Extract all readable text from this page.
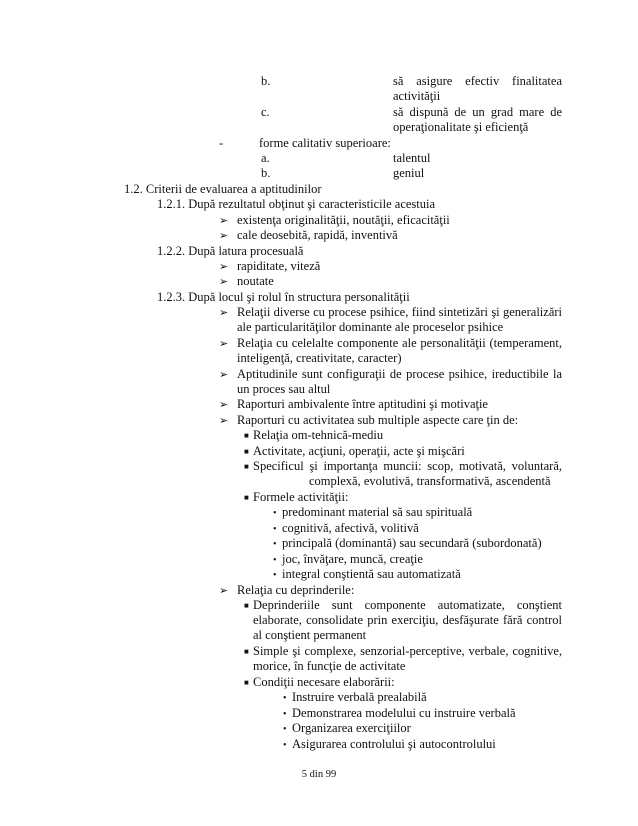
b.	să asigure efectiv finalitatea
activităţii
c.	să dispună de un grad mare de
operaţionalitate şi eficienţă
-	forme calitativ superioare:
a.	talentul
b.	geniul
1.2. Criterii de evaluarea a aptitudinilor
1.2.1. După rezultatul obţinut şi caracteristicile acestuia
➢ existenţa originalităţii, noutăţii, eficacităţii
➢ cale deosebită, rapidă, inventivă
1.2.2. După latura procesuală
➢ rapiditate, viteză
➢ noutate
1.2.3. După locul şi rolul în structura personalităţii
➢ Relaţii diverse cu procese psihice, fiind sintetizări şi generalizări
ale particularităţilor dominante ale proceselor psihice
➢ Relaţia cu celelalte componente ale personalităţii (temperament,
inteligenţă, creativitate, caracter)
➢ Aptitudinile sunt configuraţii de procese psihice, ireductibile la
un proces sau altul
➢ Raporturi ambivalente între aptitudini şi motivaţie
➢ Raporturi cu activitatea sub multiple aspecte care ţin de:
■ Relaţia om-tehnică-mediu
■ Activitate, acţiuni, operaţii, acte şi mişcări
■ Specificul şi importanţa muncii: scop, motivată, voluntară,
complexă, evolutivă, transformativă, ascendentă
■ Formele activităţii:
• predominant material să sau spirituală
• cognitivă, afectivă, volitivă
• principală (dominantă) sau secundară (subordonată)
• joc, învăţare, muncă, creaţie
• integral conştientă sau automatizată
➢ Relaţia cu deprinderile:
■ Deprinderiile sunt componente automatizate, conştient
elaborate, consolidate prin exerciţiu, desfăşurate fără control
al conştient permanent
■ Simple şi complexe, senzorial-perceptive, verbale, cognitive,
morice, în funcţie de activitate
■ Condiţii necesare elaborării:
• Instruire verbală prealabilă
• Demonstrarea modelului cu instruire verbală
• Organizarea exerciţiilor
• Asigurarea controlului şi autocontrolului
5 din 99
